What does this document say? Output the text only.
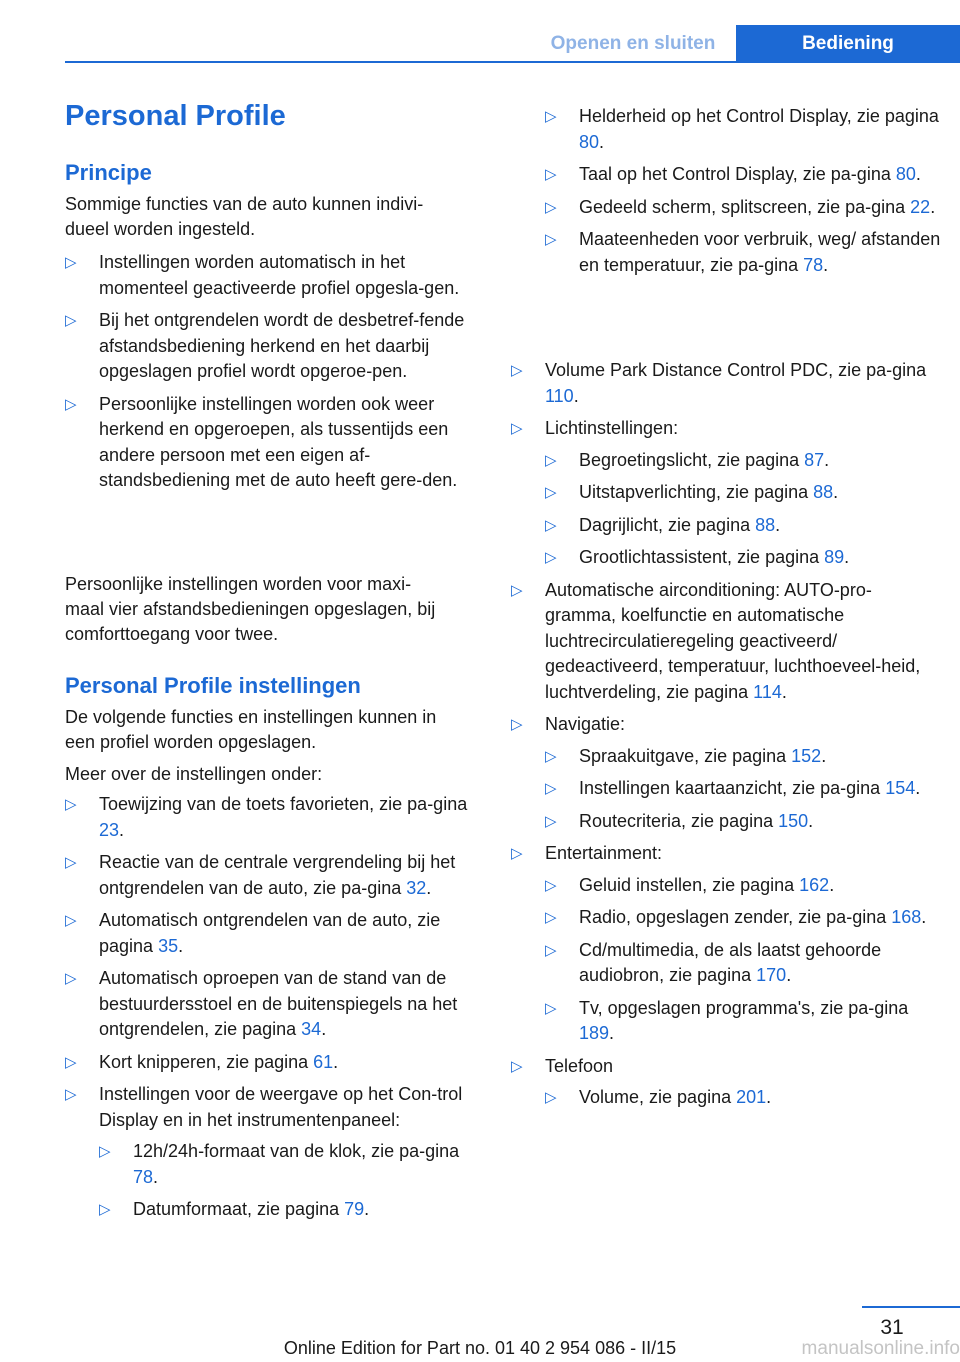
Openen en sluiten	Bediening
Personal Profile
Principe

Sommige functies van de auto kunnen indivi-
dueel worden ingesteld.

▷ Instellingen worden automatisch in het momenteel geactiveerde profiel opgesla-gen.
▷ Bij het ontgrendelen wordt de desbetref-fende afstandsbediening herkend en het daarbij opgeslagen profiel wordt opgeroe-pen.
▷ Persoonlijke instellingen worden ook weer herkend en opgeroepen, als tussentijds een andere persoon met een eigen af-standsbediening met de auto heeft gere-den.

Persoonlijke instellingen worden voor maxi-
maal vier afstandsbedieningen opgeslagen, bij
comforttoegang voor twee.

Personal Profile instellingen

De volgende functies en instellingen kunnen in
een profiel worden opgeslagen.

Meer over de instellingen onder:

▷ Toewijzing van de toets favorieten, zie pa-gina 23.
▷ Reactie van de centrale vergrendeling bij het ontgrendelen van de auto, zie pa-gina 32.
▷ Automatisch ontgrendelen van de auto, zie pagina 35.
▷ Automatisch oproepen van de stand van de bestuurdersstoel en de buitenspiegels na het ontgrendelen, zie pagina 34.
▷ Kort knipperen, zie pagina 61.
▷ Instellingen voor de weergave op het Con-trol Display en in het instrumentenpaneel:
▷ 12h/24h-formaat van de klok, zie pa-gina 78.
▷ Datumformaat, zie pagina 79.
▷ Helderheid op het Control Display, zie pagina 80.
▷ Taal op het Control Display, zie pa-gina 80.
▷ Gedeeld scherm, splitscreen, zie pa-gina 22.
▷ Maateenheden voor verbruik, weg/ afstanden en temperatuur, zie pa-gina 78.
▷ Volume Park Distance Control PDC, zie pa-gina 110.
▷ Lichtinstellingen:
▷ Begroetingslicht, zie pagina 87.
▷ Uitstapverlichting, zie pagina 88.
▷ Dagrijlicht, zie pagina 88.
▷ Grootlichtassistent, zie pagina 89.
▷ Automatische airconditioning: AUTO-pro-gramma, koelfunctie en automatische luchtrecirculatieregeling geactiveerd/ gedeactiveerd, temperatuur, luchthoeveel-heid, luchtverdeling, zie pagina 114.
▷ Navigatie:
▷ Spraakuitgave, zie pagina 152.
▷ Instellingen kaartaanzicht, zie pa-gina 154.
▷ Routecriteria, zie pagina 150.
▷ Entertainment:
▷ Geluid instellen, zie pagina 162.
▷ Radio, opgeslagen zender, zie pa-gina 168.
▷ Cd/multimedia, de als laatst gehoorde audiobron, zie pagina 170.
▷ Tv, opgeslagen programma's, zie pa-gina 189.
▷ Telefoon
▷ Volume, zie pagina 201.
31
Online Edition for Part no. 01 40 2 954 086 - II/15	manualsonline.info
